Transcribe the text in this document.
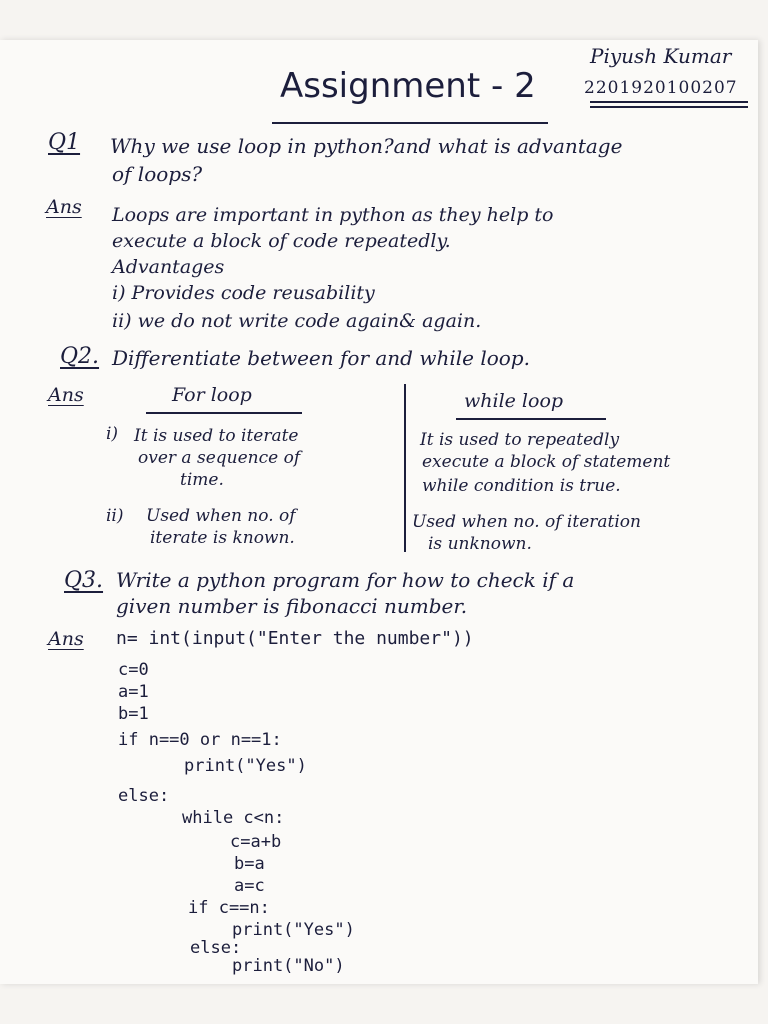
Assignment - 2
Piyush Kumar
2201920100207
Q1 Why we use loop in python?and what is advantage
of loops?
Ans Loops are important in python as they help to
execute a block of code repeatedly.
Advantages
i) Provides code reusability
ii) we do not write code again& again.
Q2. Differentiate between for and while loop.
Ans	For loop	while loop
i) It is used to iterate
over a sequence of
time.
It is used to repeatedly
execute a block of statement
while condition is true.
ii) Used when no. of
iterate is known.
Used when no. of iteration
is unknown.
Q3. Write a python program for how to check if a
given number is fibonacci number.
Ans n= int(input("Enter the number"))
c=0
a=1
b=1
if n==0 or n==1:
print("Yes")
else:
while c<n:
c=a+b
b=a
a=c
if c==n:
print("Yes")
else:
print("No")
